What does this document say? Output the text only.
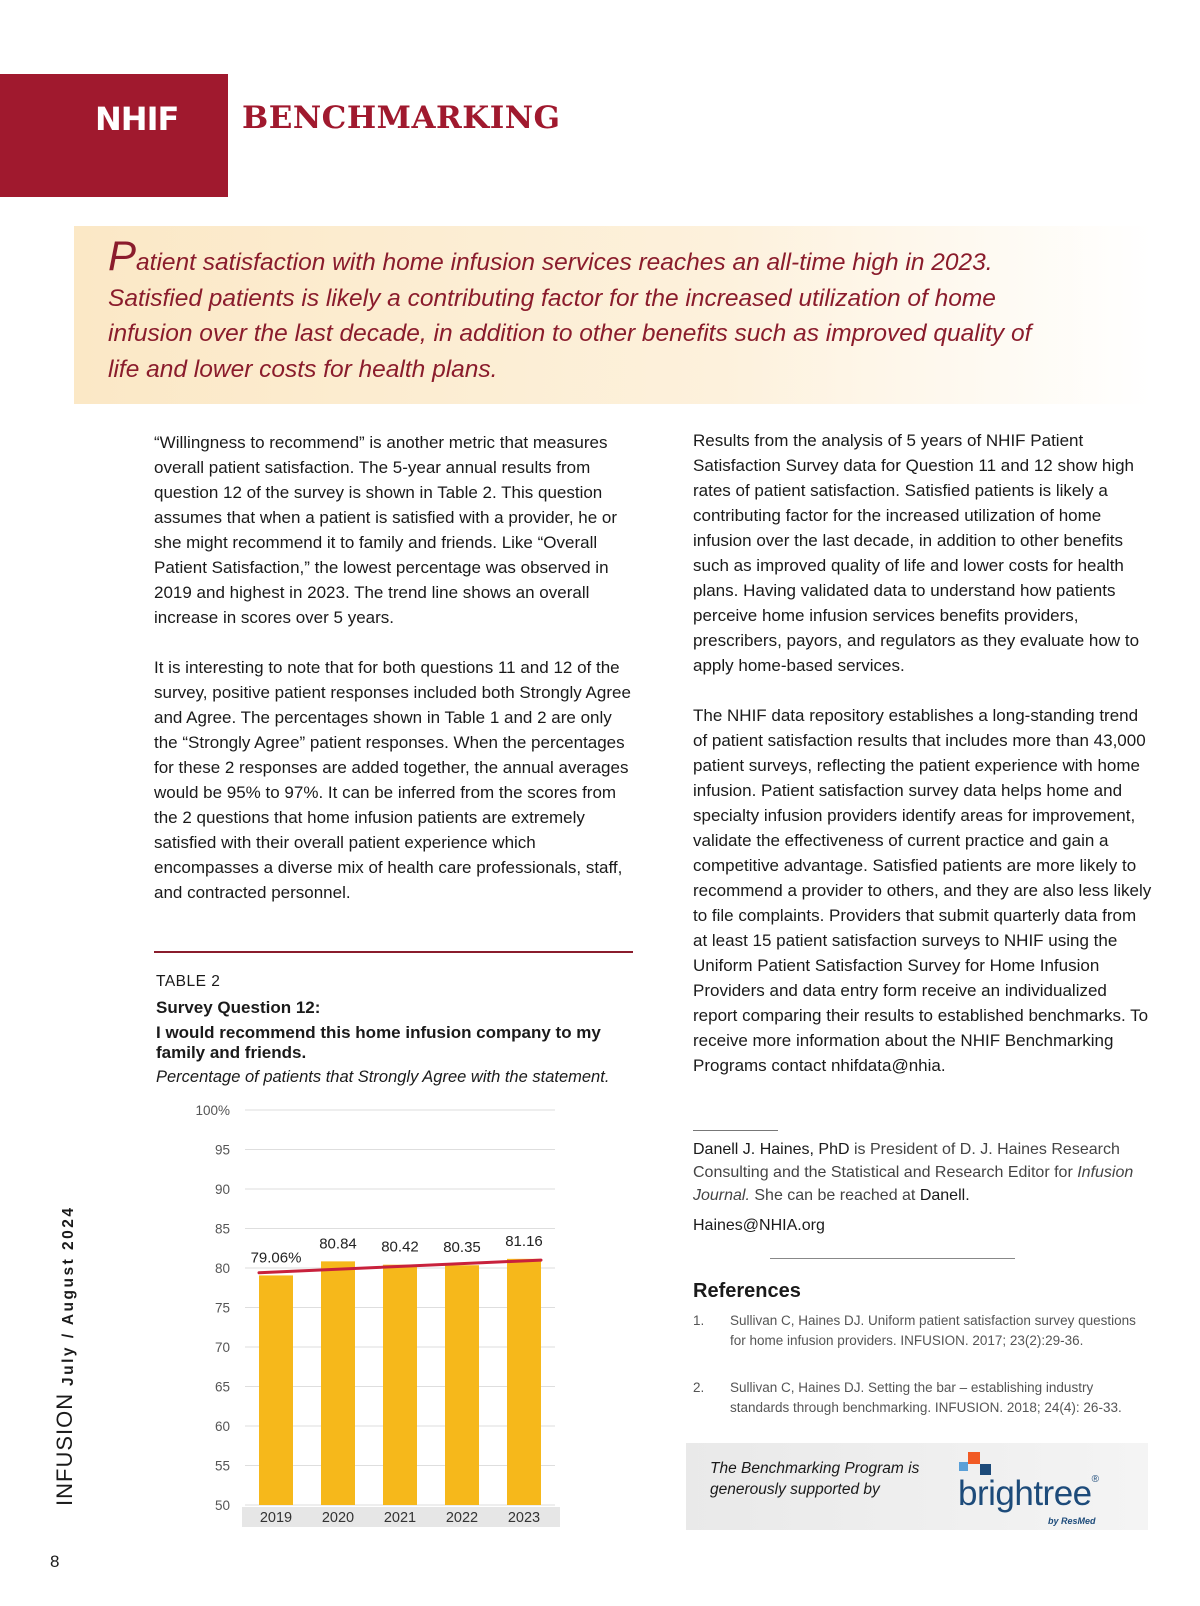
NHIF BENCHMARKING
Patient satisfaction with home infusion services reaches an all-time high in 2023. Satisfied patients is likely a contributing factor for the increased utilization of home infusion over the last decade, in addition to other benefits such as improved quality of life and lower costs for health plans.

“Willingness to recommend” is another metric that measures overall patient satisfaction. The 5-year annual results from question 12 of the survey is shown in Table 2. This question assumes that when a patient is satisfied with a provider, he or she might recommend it to family and friends. Like “Overall Patient Satisfaction,” the lowest percentage was observed in 2019 and highest in 2023. The trend line shows an overall increase in scores over 5 years.

It is interesting to note that for both questions 11 and 12 of the survey, positive patient responses included both Strongly Agree and Agree. The percentages shown in Table 1 and 2 are only the “Strongly Agree” patient responses. When the percentages for these 2 responses are added together, the annual averages would be 95% to 97%. It can be inferred from the scores from the 2 questions that home infusion patients are extremely satisfied with their overall patient experience which encompasses a diverse mix of health care professionals, staff, and contracted personnel.

TABLE 2
Survey Question 12:
I would recommend this home infusion company to my family and friends.
Percentage of patients that Strongly Agree with the statement.
100%
95
90
85
80
75
70
65
60
55
50
2019
79.06%
2020
80.84
2021
80.42
2022
80.35
2023
81.16

Results from the analysis of 5 years of NHIF Patient Satisfaction Survey data for Question 11 and 12 show high rates of patient satisfaction. Satisfied patients is likely a contributing factor for the increased utilization of home infusion over the last decade, in addition to other benefits such as improved quality of life and lower costs for health plans. Having validated data to understand how patients perceive home infusion services benefits providers, prescribers, payors, and regulators as they evaluate how to apply home-based services.

The NHIF data repository establishes a long-standing trend of patient satisfaction results that includes more than 43,000 patient surveys, reflecting the patient experience with home infusion. Patient satisfaction survey data helps home and specialty infusion providers identify areas for improvement, validate the effectiveness of current practice and gain a competitive advantage. Satisfied patients are more likely to recommend a provider to others, and they are also less likely to file complaints. Providers that submit quarterly data from at least 15 patient satisfaction surveys to NHIF using the Uniform Patient Satisfaction Survey for Home Infusion Providers and data entry form receive an individualized report comparing their results to established benchmarks. To receive more information about the NHIF Benchmarking Programs contact nhifdata@nhia.

Danell J. Haines, PhD is President of D. J. Haines Research Consulting and the Statistical and Research Editor for Infusion Journal. She can be reached at Danell.
Haines@NHIA.org
References
1. Sullivan C, Haines DJ. Uniform patient satisfaction survey questions for home infusion providers. INFUSION. 2017; 23(2):29-36.
2. Sullivan C, Haines DJ. Setting the bar – establishing industry standards through benchmarking. INFUSION. 2018; 24(4): 26-33.
The Benchmarking Program is generously supported by	brightree®
by ResMed
July / August 2024
INFUSION
8
